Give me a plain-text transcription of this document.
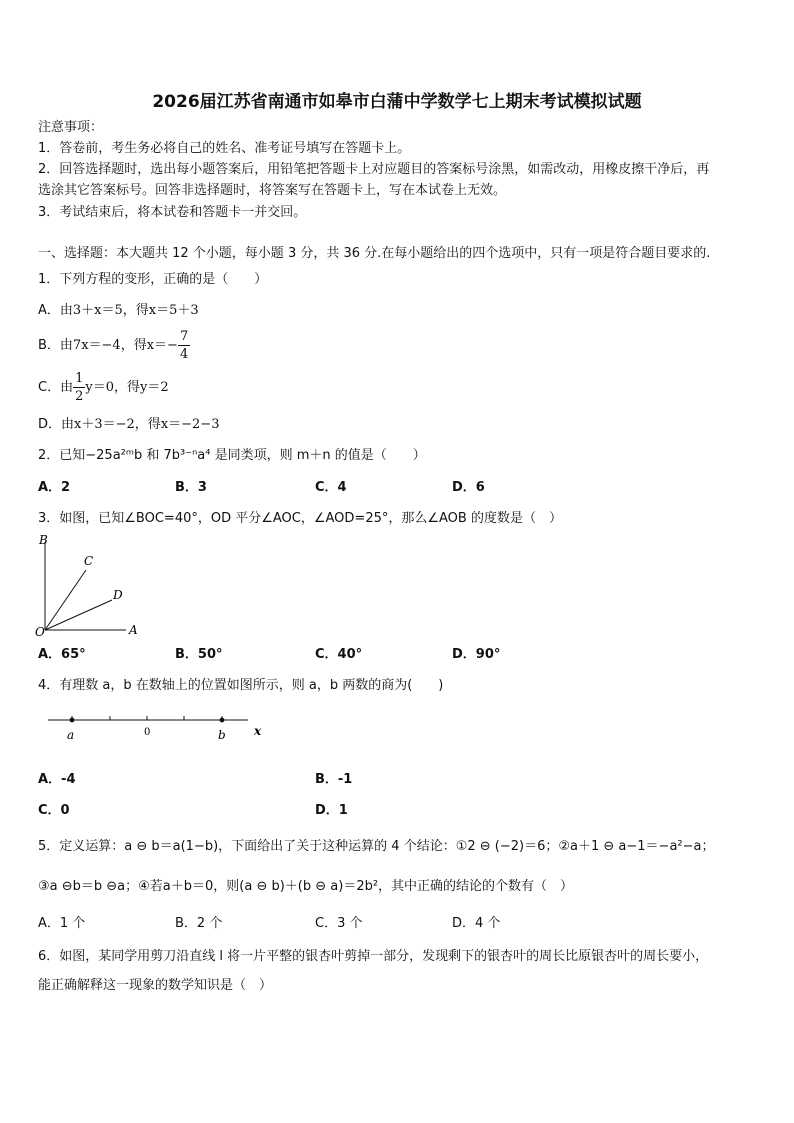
2026届江苏省南通市如皋市白蒲中学数学七上期末考试模拟试题
注意事项：
1．答卷前，考生务必将自己的姓名、准考证号填写在答题卡上。
2．回答选择题时，选出每小题答案后，用铅笔把答题卡上对应题目的答案标号涂黑，如需改动，用橡皮擦干净后，再
选涂其它答案标号。回答非选择题时，将答案写在答题卡上，写在本试卷上无效。
3．考试结束后，将本试卷和答题卡一并交回。
一、选择题：本大题共 12 个小题，每小题 3 分，共 36 分.在每小题给出的四个选项中，只有一项是符合题目要求的.
1．下列方程的变形，正确的是（　　）
A．由3＋x＝5，得x＝5＋3
B．由7x＝−4，得$x=- \frac{7}{4}$
C．由 $\frac{1}{2} y=0$，得y＝2
D．由x＋3＝−2，得x＝−2−3
2．已知−25a²ᵐb 和 7b³⁻ⁿa⁴ 是同类项，则 m＋n 的值是（　　）
A．2	B．3	C．4	D．6
3．如图，已知∠BOC=40°，OD 平分∠AOC，∠AOD=25°，那么∠AOB 的度数是（　）
B
C
D
O	A
A．65°	B．50°	C．40°	D．90°
4．有理数 a，b 在数轴上的位置如图所示，则 a，b 两数的商为(　　)
a	0	b x
A．-4	B．-1
C．0	D．1
5．定义运算：a ⊖ b＝a(1−b)，下面给出了关于这种运算的 4 个结论：①2 ⊖ (−2)＝6；②a＋1 ⊖ a−1＝−a²−a；
③a ⊖b＝b ⊖a；④若a＋b＝0，则(a ⊖ b)＋(b ⊖ a)＝2b²，其中正确的结论的个数有（　）
A．1 个	B．2 个	C．3 个	D．4 个
6．如图，某同学用剪刀沿直线 l 将一片平整的银杏叶剪掉一部分，发现剩下的银杏叶的周长比原银杏叶的周长要小，
能正确解释这一现象的数学知识是（　）
